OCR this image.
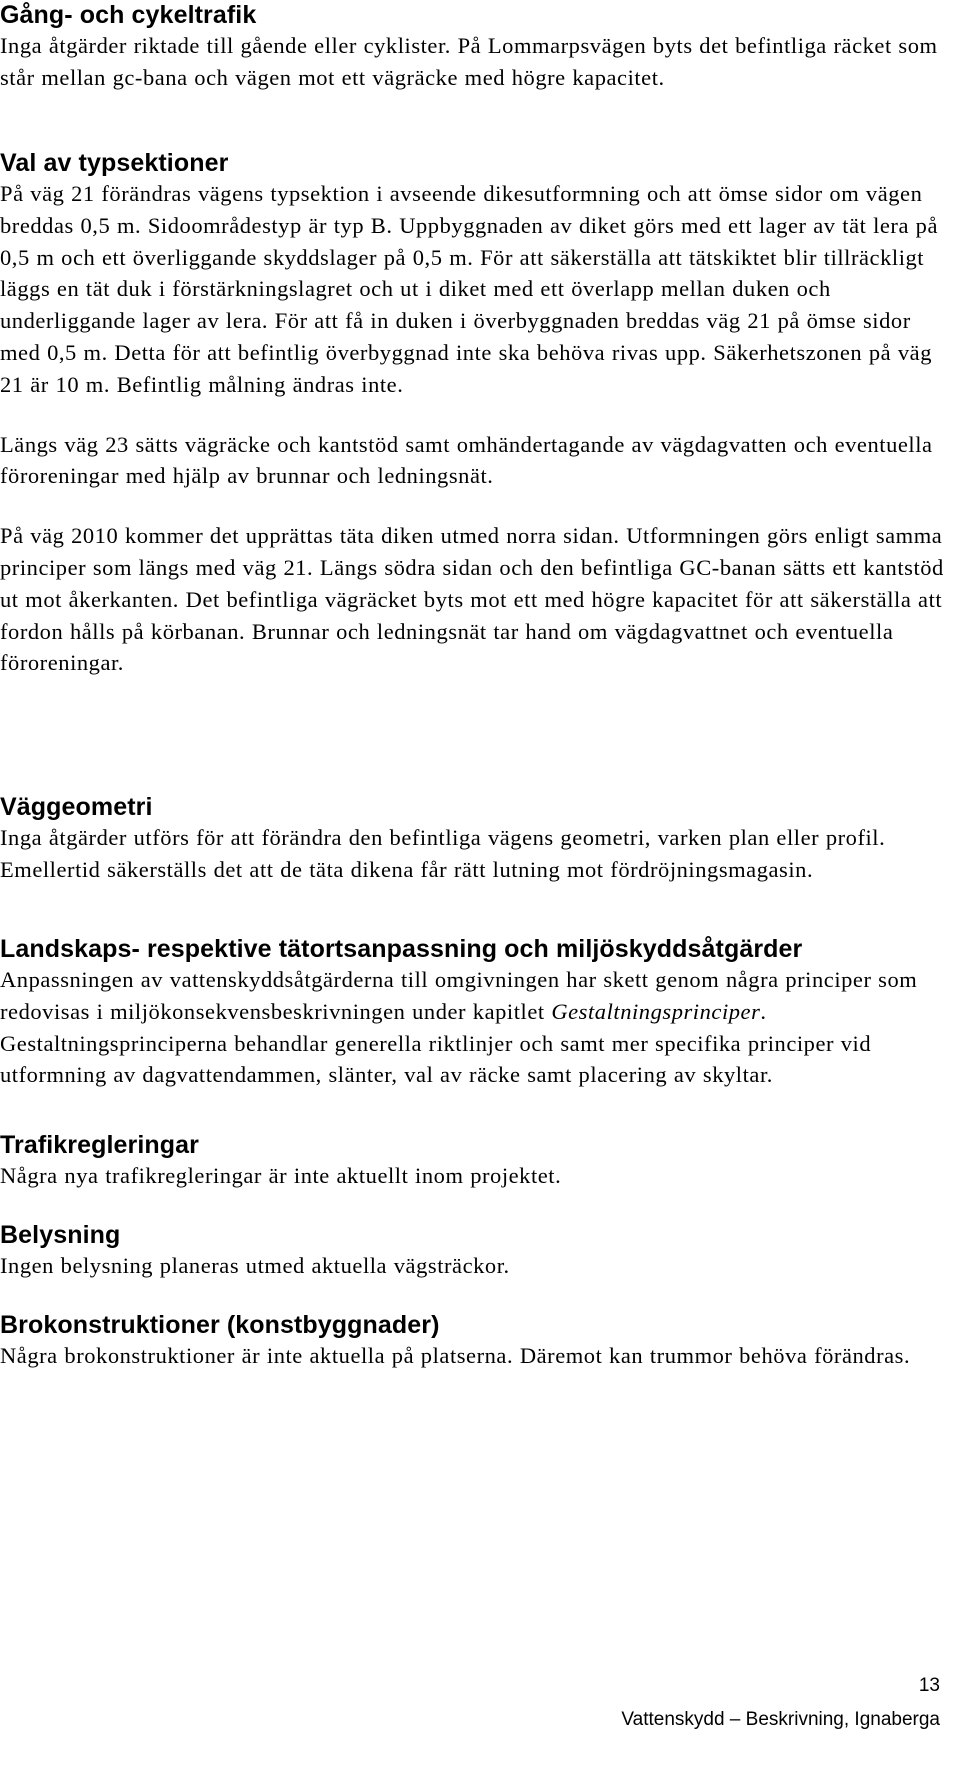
Gång- och cykeltrafik

Inga åtgärder riktade till gående eller cyklister. På Lommarpsvägen byts det befintliga räcket som står mellan gc-bana och vägen mot ett vägräcke med högre kapacitet.

Val av typsektioner

På väg 21 förändras vägens typsektion i avseende dikesutformning och att ömse sidor om vägen breddas 0,5 m. Sidoområdestyp är typ B. Uppbyggnaden av diket görs med ett lager av tät lera på 0,5 m och ett överliggande skyddslager på 0,5 m. För att säkerställa att tätskiktet blir tillräckligt läggs en tät duk i förstärkningslagret och ut i diket med ett överlapp mellan duken och underliggande lager av lera. För att få in duken i överbyggnaden breddas väg 21 på ömse sidor med 0,5 m. Detta för att befintlig överbyggnad inte ska behöva rivas upp. Säkerhetszonen på väg 21 är 10 m. Befintlig målning ändras inte.

Längs väg 23 sätts vägräcke och kantstöd samt omhändertagande av vägdagvatten och eventuella föroreningar med hjälp av brunnar och ledningsnät.

På väg 2010 kommer det upprättas täta diken utmed norra sidan. Utformningen görs enligt samma principer som längs med väg 21. Längs södra sidan och den befintliga GC-banan sätts ett kantstöd ut mot åkerkanten. Det befintliga vägräcket byts mot ett med högre kapacitet för att säkerställa att fordon hålls på körbanan. Brunnar och ledningsnät tar hand om vägdagvattnet och eventuella föroreningar.

Väggeometri

Inga åtgärder utförs för att förändra den befintliga vägens geometri, varken plan eller profil. Emellertid säkerställs det att de täta dikena får rätt lutning mot fördröjningsmagasin.

Landskaps- respektive tätortsanpassning och miljöskyddsåtgärder

Anpassningen av vattenskyddsåtgärderna till omgivningen har skett genom några principer som redovisas i miljökonsekvensbeskrivningen under kapitlet Gestaltningsprinciper. Gestaltningsprinciperna behandlar generella riktlinjer och samt mer specifika principer vid utformning av dagvattendammen, slänter, val av räcke samt placering av skyltar.

Trafikregleringar

Några nya trafikregleringar är inte aktuellt inom projektet.

Belysning

Ingen belysning planeras utmed aktuella vägsträckor.

Brokonstruktioner (konstbyggnader)

Några brokonstruktioner är inte aktuella på platserna. Däremot kan trummor behöva förändras.

13
Vattenskydd – Beskrivning, Ignaberga
